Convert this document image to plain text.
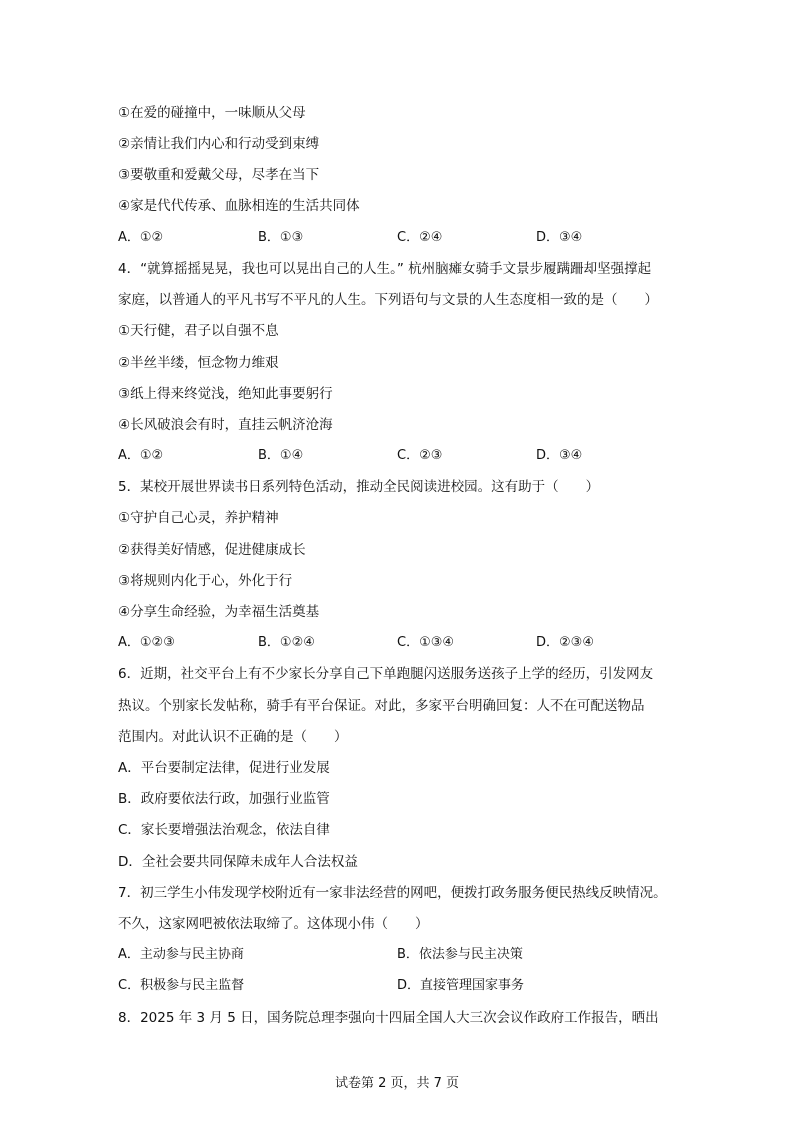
①在爱的碰撞中，一味顺从父母
②亲情让我们内心和行动受到束缚
③要敬重和爱戴父母，尽孝在当下
④家是代代传承、血脉相连的生活共同体
A．①②	B．①③	C．②④	D．③④
4．“就算摇摇晃晃，我也可以晃出自己的人生。” 杭州脑瘫女骑手文景步履蹒跚却坚强撑起
家庭，以普通人的平凡书写不平凡的人生。下列语句与文景的人生态度相一致的是（　　）
①天行健，君子以自强不息
②半丝半缕，恒念物力维艰
③纸上得来终觉浅，绝知此事要躬行
④长风破浪会有时，直挂云帆济沧海
A．①②	B．①④	C．②③	D．③④
5．某校开展世界读书日系列特色活动，推动全民阅读进校园。这有助于（　　）
①守护自己心灵，养护精神
②获得美好情感，促进健康成长
③将规则内化于心，外化于行
④分享生命经验，为幸福生活奠基
A．①②③	B．①②④	C．①③④	D．②③④
6．近期，社交平台上有不少家长分享自己下单跑腿闪送服务送孩子上学的经历，引发网友
热议。个别家长发帖称，骑手有平台保证。对此，多家平台明确回复：人不在可配送物品
范围内。对此认识不正确的是（　　）
A．平台要制定法律，促进行业发展
B．政府要依法行政，加强行业监管
C．家长要增强法治观念，依法自律
D．全社会要共同保障未成年人合法权益
7．初三学生小伟发现学校附近有一家非法经营的网吧，便拨打政务服务便民热线反映情况。
不久，这家网吧被依法取缔了。这体现小伟（　　）
A．主动参与民主协商	B．依法参与民主决策
C．积极参与民主监督	D．直接管理国家事务
8．2025 年 3 月 5 日，国务院总理李强向十四届全国人大三次会议作政府工作报告，晒出
试卷第 2 页，共 7 页
